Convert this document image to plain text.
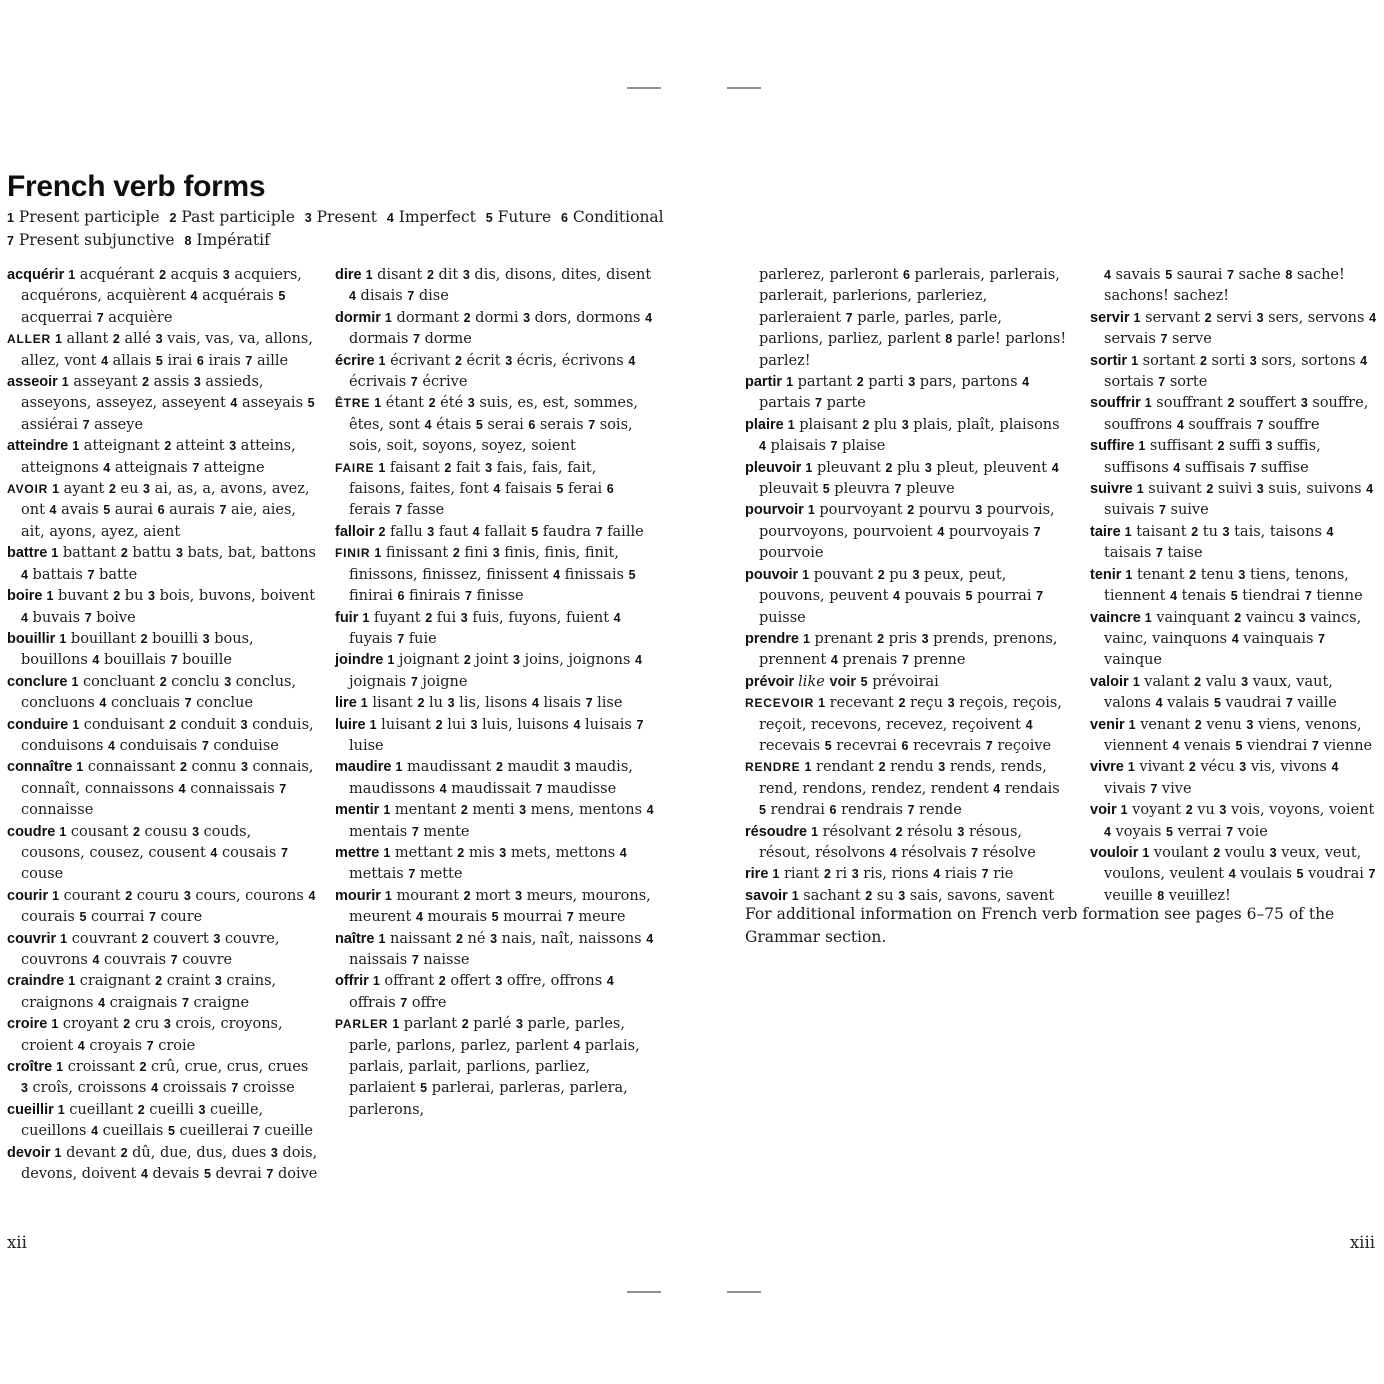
French verb forms
1 Present participle  2 Past participle  3 Present  4 Imperfect  5 Future  6 Conditional
7 Present subjunctive  8 Impératif

acquérir 1 acquérant 2 acquis 3 acquiers, acquérons, acquièrent 4 acquérais 5 acquerrai 7 acquière

ALLER 1 allant 2 allé 3 vais, vas, va, allons, allez, vont 4 allais 5 irai 6 irais 7 aille

asseoir 1 asseyant 2 assis 3 assieds, asseyons, asseyez, asseyent 4 asseyais 5 assiérai 7 asseye

atteindre 1 atteignant 2 atteint 3 atteins, atteignons 4 atteignais 7 atteigne

AVOIR 1 ayant 2 eu 3 ai, as, a, avons, avez, ont 4 avais 5 aurai 6 aurais 7 aie, aies, ait, ayons, ayez, aient

battre 1 battant 2 battu 3 bats, bat, battons 4 battais 7 batte

boire 1 buvant 2 bu 3 bois, buvons, boivent 4 buvais 7 boive

bouillir 1 bouillant 2 bouilli 3 bous, bouillons 4 bouillais 7 bouille

conclure 1 concluant 2 conclu 3 conclus, concluons 4 concluais 7 conclue

conduire 1 conduisant 2 conduit 3 conduis, conduisons 4 conduisais 7 conduise

connaître 1 connaissant 2 connu 3 connais, connaît, connaissons 4 connaissais 7 connaisse

coudre 1 cousant 2 cousu 3 couds, cousons, cousez, cousent 4 cousais 7 couse

courir 1 courant 2 couru 3 cours, courons 4 courais 5 courrai 7 coure

couvrir 1 couvrant 2 couvert 3 couvre, couvrons 4 couvrais 7 couvre

craindre 1 craignant 2 craint 3 crains, craignons 4 craignais 7 craigne

croire 1 croyant 2 cru 3 crois, croyons, croient 4 croyais 7 croie

croître 1 croissant 2 crû, crue, crus, crues 3 croîs, croissons 4 croissais 7 croisse

cueillir 1 cueillant 2 cueilli 3 cueille, cueillons 4 cueillais 5 cueillerai 7 cueille

devoir 1 devant 2 dû, due, dus, dues 3 dois, devons, doivent 4 devais 5 devrai 7 doive

dire 1 disant 2 dit 3 dis, disons, dites, disent 4 disais 7 dise

dormir 1 dormant 2 dormi 3 dors, dormons 4 dormais 7 dorme

écrire 1 écrivant 2 écrit 3 écris, écrivons 4 écrivais 7 écrive

ÊTRE 1 étant 2 été 3 suis, es, est, sommes, êtes, sont 4 étais 5 serai 6 serais 7 sois, sois, soit, soyons, soyez, soient

FAIRE 1 faisant 2 fait 3 fais, fais, fait, faisons, faites, font 4 faisais 5 ferai 6 ferais 7 fasse

falloir 2 fallu 3 faut 4 fallait 5 faudra 7 faille

FINIR 1 finissant 2 fini 3 finis, finis, finit, finissons, finissez, finissent 4 finissais 5 finirai 6 finirais 7 finisse

fuir 1 fuyant 2 fui 3 fuis, fuyons, fuient 4 fuyais 7 fuie

joindre 1 joignant 2 joint 3 joins, joignons 4 joignais 7 joigne

lire 1 lisant 2 lu 3 lis, lisons 4 lisais 7 lise

luire 1 luisant 2 lui 3 luis, luisons 4 luisais 7 luise

maudire 1 maudissant 2 maudit 3 maudis, maudissons 4 maudissait 7 maudisse

mentir 1 mentant 2 menti 3 mens, mentons 4 mentais 7 mente

mettre 1 mettant 2 mis 3 mets, mettons 4 mettais 7 mette

mourir 1 mourant 2 mort 3 meurs, mourons, meurent 4 mourais 5 mourrai 7 meure

naître 1 naissant 2 né 3 nais, naît, naissons 4 naissais 7 naisse

offrir 1 offrant 2 offert 3 offre, offrons 4 offrais 7 offre

PARLER 1 parlant 2 parlé 3 parle, parles, parle, parlons, parlez, parlent 4 parlais, parlais, parlait, parlions, parliez, parlaient 5 parlerai, parleras, parlera, parlerons,

parlerez, parleront 6 parlerais, parlerais, parlerait, parlerions, parleriez, parleraient 7 parle, parles, parle, parlions, parliez, parlent 8 parle! parlons! parlez!

partir 1 partant 2 parti 3 pars, partons 4 partais 7 parte

plaire 1 plaisant 2 plu 3 plais, plaît, plaisons 4 plaisais 7 plaise

pleuvoir 1 pleuvant 2 plu 3 pleut, pleuvent 4 pleuvait 5 pleuvra 7 pleuve

pourvoir 1 pourvoyant 2 pourvu 3 pourvois, pourvoyons, pourvoient 4 pourvoyais 7 pourvoie

pouvoir 1 pouvant 2 pu 3 peux, peut, pouvons, peuvent 4 pouvais 5 pourrai 7 puisse

prendre 1 prenant 2 pris 3 prends, prenons, prennent 4 prenais 7 prenne

prévoir like voir 5 prévoirai

RECEVOIR 1 recevant 2 reçu 3 reçois, reçois, reçoit, recevons, recevez, reçoivent 4 recevais 5 recevrai 6 recevrais 7 reçoive

RENDRE 1 rendant 2 rendu 3 rends, rends, rend, rendons, rendez, rendent 4 rendais 5 rendrai 6 rendrais 7 rende

résoudre 1 résolvant 2 résolu 3 résous, résout, résolvons 4 résolvais 7 résolve

rire 1 riant 2 ri 3 ris, rions 4 riais 7 rie

savoir 1 sachant 2 su 3 sais, savons, savent

4 savais 5 saurai 7 sache 8 sache! sachons! sachez!

servir 1 servant 2 servi 3 sers, servons 4 servais 7 serve

sortir 1 sortant 2 sorti 3 sors, sortons 4 sortais 7 sorte

souffrir 1 souffrant 2 souffert 3 souffre, souffrons 4 souffrais 7 souffre

suffire 1 suffisant 2 suffi 3 suffis, suffisons 4 suffisais 7 suffise

suivre 1 suivant 2 suivi 3 suis, suivons 4 suivais 7 suive

taire 1 taisant 2 tu 3 tais, taisons 4 taisais 7 taise

tenir 1 tenant 2 tenu 3 tiens, tenons, tiennent 4 tenais 5 tiendrai 7 tienne

vaincre 1 vainquant 2 vaincu 3 vaincs, vainc, vainquons 4 vainquais 7 vainque

valoir 1 valant 2 valu 3 vaux, vaut, valons 4 valais 5 vaudrai 7 vaille

venir 1 venant 2 venu 3 viens, venons, viennent 4 venais 5 viendrai 7 vienne

vivre 1 vivant 2 vécu 3 vis, vivons 4 vivais 7 vive

voir 1 voyant 2 vu 3 vois, voyons, voient 4 voyais 5 verrai 7 voie

vouloir 1 voulant 2 voulu 3 veux, veut, voulons, veulent 4 voulais 5 voudrai 7 veuille 8 veuillez!

For additional information on French verb formation see pages 6–75 of the Grammar section.
xii	xiii
